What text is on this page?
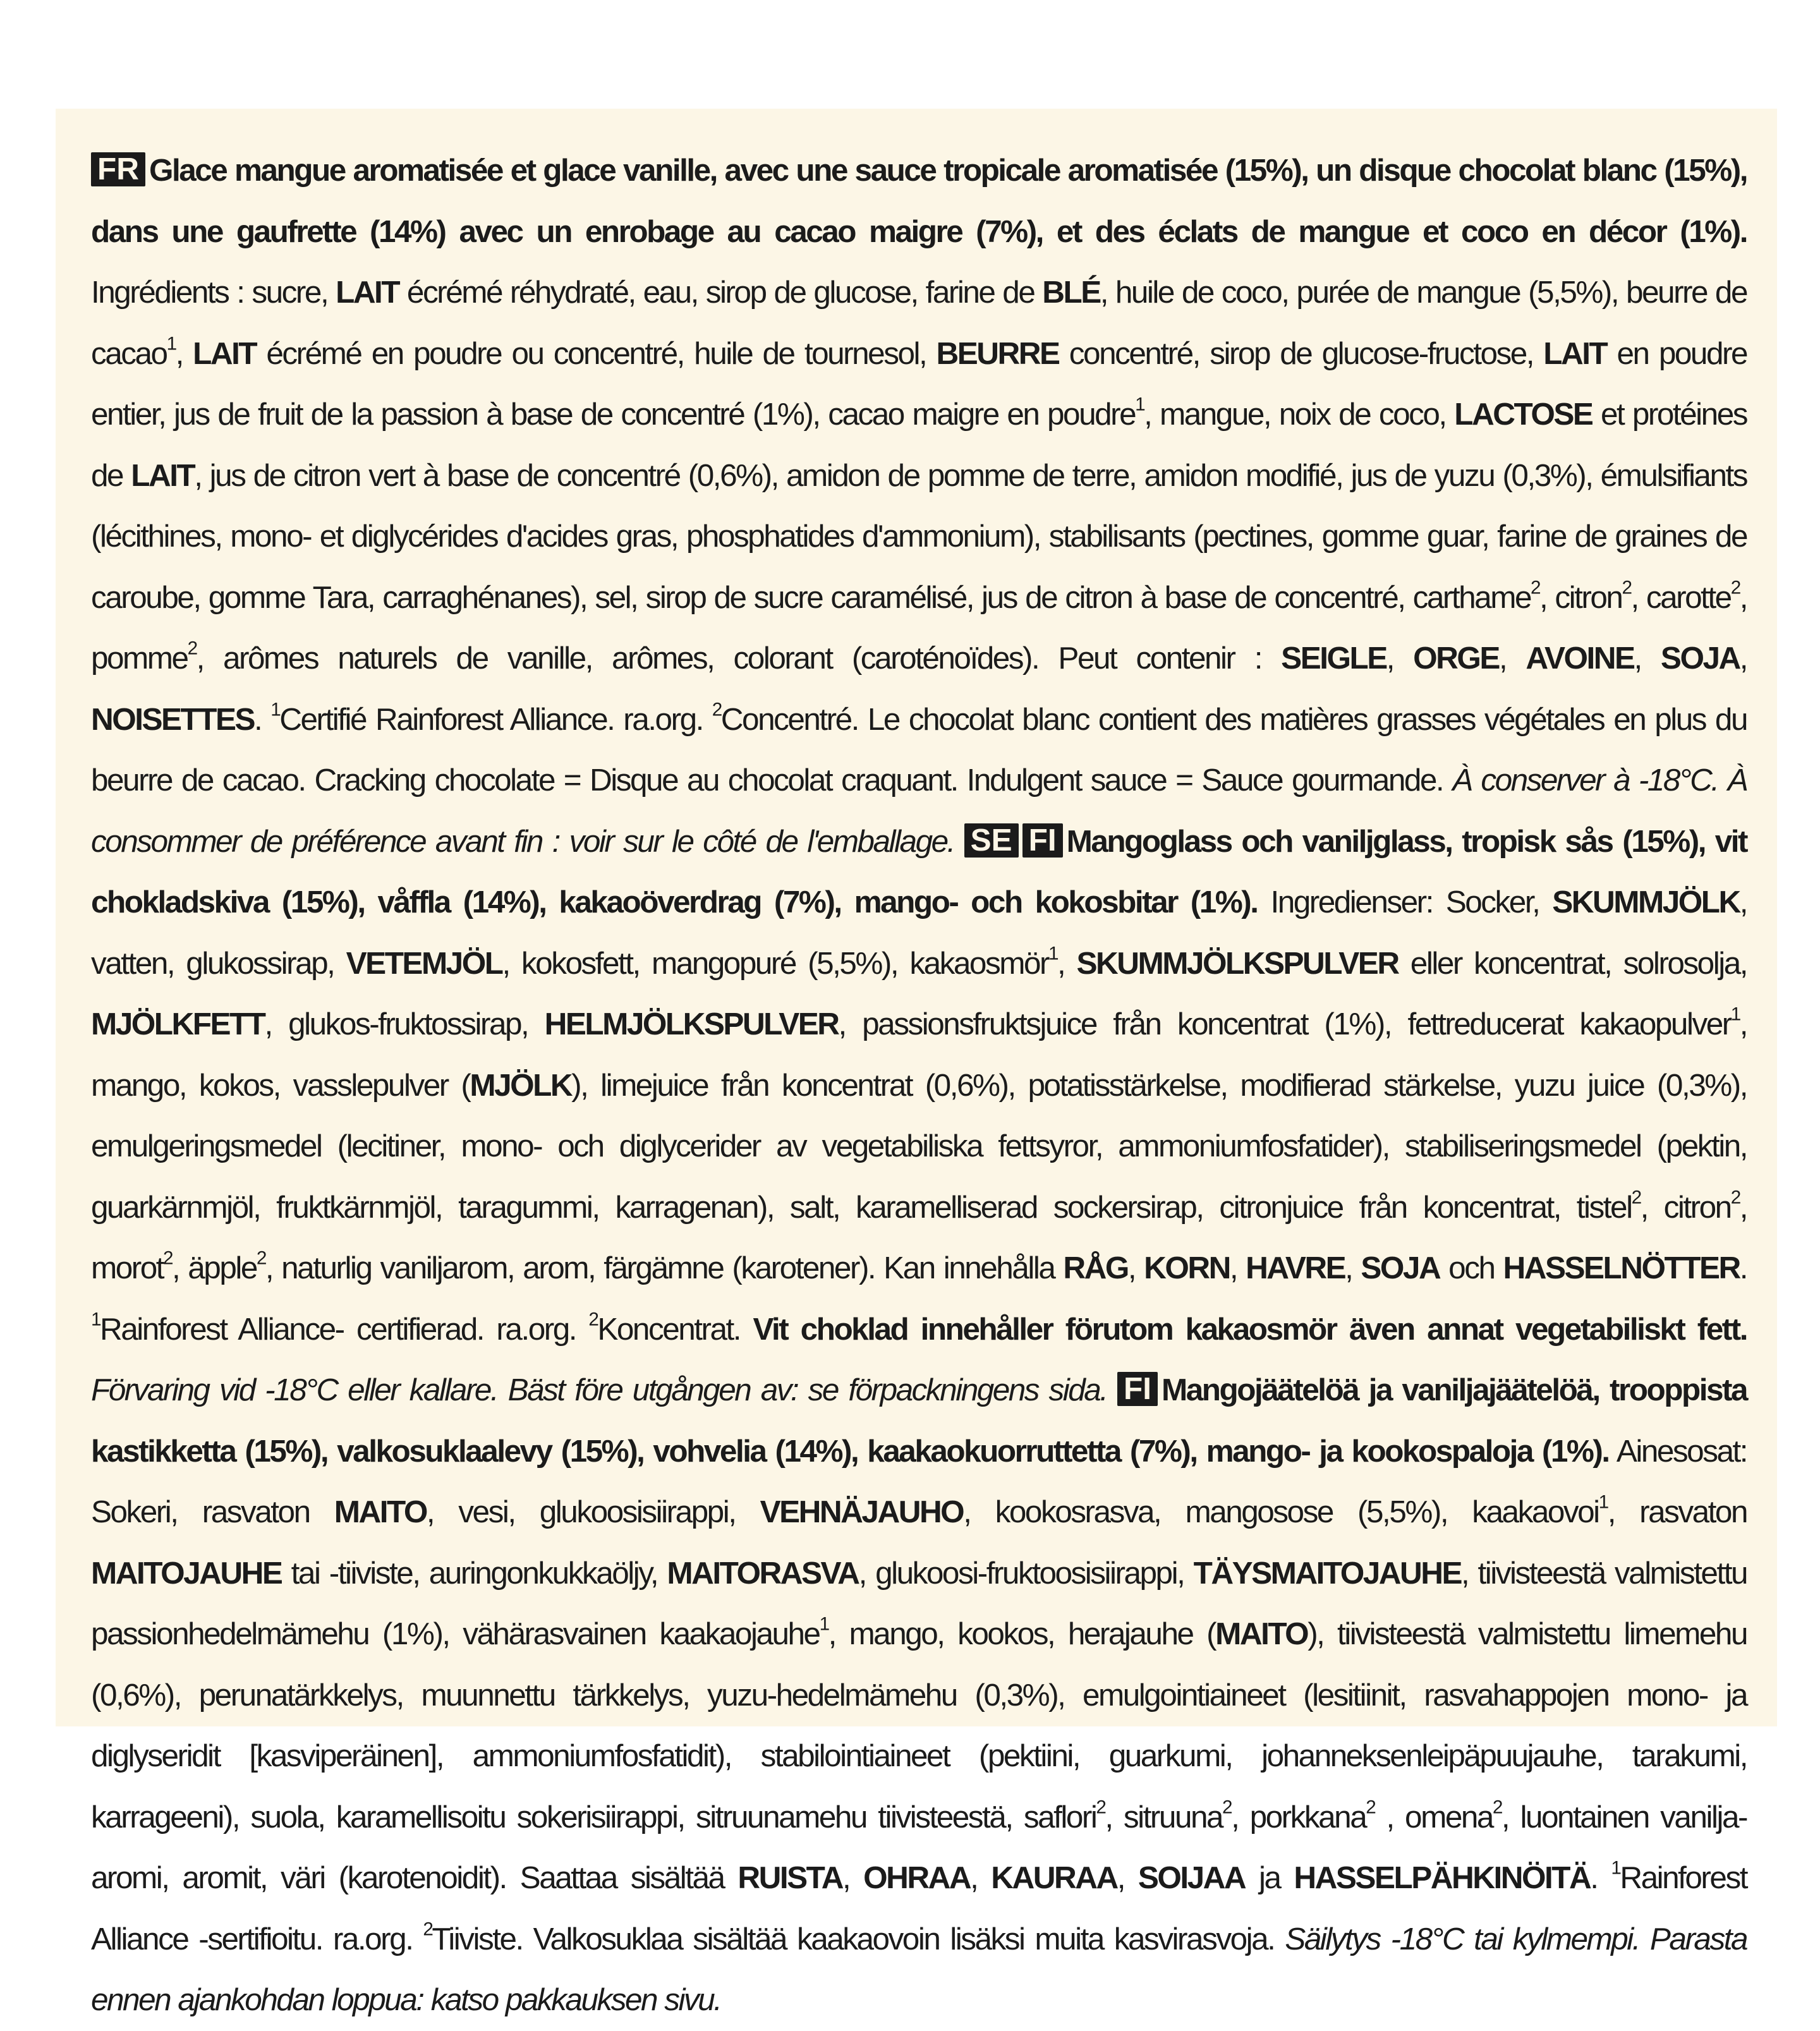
FR Glace mangue aromatisée et glace vanille, avec une sauce tropicale aromatisée (15%), un disque chocolat blanc (15%), dans une gaufrette (14%) avec un enrobage au cacao maigre (7%), et des éclats de mangue et coco en décor (1%). Ingrédients : sucre, LAIT écrémé réhydraté, eau, sirop de glucose, farine de BLÉ, huile de coco, purée de mangue (5,5%), beurre de cacao$^1$, LAIT écrémé en poudre ou concentré, huile de tournesol, BEURRE concentré, sirop de glucose-fructose, LAIT en poudre entier, jus de fruit de la passion à base de concentré (1%), cacao maigre en poudre$^1$, mangue, noix de coco, LACTOSE et protéines de LAIT, jus de citron vert à base de concentré (0,6%), amidon de pomme de terre, amidon modifié, jus de yuzu (0,3%), émulsifiants (lécithines, mono- et diglycérides d'acides gras, phosphatides d'ammonium), stabilisants (pectines, gomme guar, farine de graines de caroube, gomme Tara, carraghénanes), sel, sirop de sucre caramélisé, jus de citron à base de concentré, carthame$^2$, citron$^2$, carotte$^2$, pomme$^2$, arômes naturels de vanille, arômes, colorant (caroténoïdes). Peut contenir : SEIGLE, ORGE, AVOINE, SOJA, NOISETTES. $^1$Certifié Rainforest Alliance. ra.org. $^2$Concentré. Le chocolat blanc contient des matières grasses végétales en plus du beurre de cacao. Cracking chocolate = Disque au chocolat craquant. Indulgent sauce = Sauce gourmande. À conserver à -18°C. À consommer de préférence avant fin : voir sur le côté de l'emballage. SE FI Mangoglass och vaniljglass, tropisk sås (15%), vit chokladskiva (15%), våffla (14%), kakaoöverdrag (7%), mango- och kokosbitar (1%). Ingredienser: Socker, SKUMMJÖLK, vatten, glukossirap, VETEMJÖL, kokosfett, mangopuré (5,5%), kakaosmör$^1$, SKUMMJÖLKSPULVER eller koncentrat, solrosolja, MJÖLKFETT, glukos-fruktossirap, HELMJÖLKSPULVER, passionsfruktsjuice från koncentrat (1%), fettreducerat kakaopulver$^1$, mango, kokos, vasslepulver (MJÖLK), limejuice från koncentrat (0,6%), potatisstärkelse, modifierad stärkelse, yuzu juice (0,3%), emulgeringsmedel (lecitiner, mono- och diglycerider av vegetabiliska fettsyror, ammoniumfosfatider), stabiliseringsmedel (pektin, guarkärnmjöl, fruktkärnmjöl, taragummi, karragenan), salt, karamelliserad sockersirap, citronjuice från koncentrat, tistel$^2$, citron$^2$, morot$^2$, äpple$^2$, naturlig vaniljarom, arom, färgämne (karotener). Kan innehålla RÅG, KORN, HAVRE, SOJA och HASSELNÖTTER. $^1$Rainforest Alliance- certifierad. ra.org. $^2$Koncentrat. Vit choklad innehåller förutom kakaosmör även annat vegetabiliskt fett. Förvaring vid -18°C eller kallare. Bäst före utgången av: se förpackningens sida. FI Mangojäätelöä ja vaniljajäätelöä, trooppista kastikketta (15%), valkosuklaalevy (15%), vohvelia (14%), kaakaokuorruttetta (7%), mango- ja kookospaloja (1%). Ainesosat: Sokeri, rasvaton MAITO, vesi, glukoosisiirappi, VEHNÄJAUHO, kookosrasva, mangosose (5,5%), kaakaovoi$^1$, rasvaton MAITOJAUHE tai -tiiviste, auringonkukkaöljy, MAITORASVA, glukoosi-fruktoosisiirappi, TÄYSMAITOJAUHE, tiivisteestä valmistettu passionhedelmämehu (1%), vähärasvainen kaakaojauhe$^1$, mango, kookos, herajauhe (MAITO), tiivisteestä valmistettu limemehu (0,6%), perunatärkkelys, muunnettu tärkkelys, yuzu-hedelmämehu (0,3%), emulgointiaineet (lesitiinit, rasvahappojen mono- ja diglyseridit [kasviperäinen], ammoniumfosfatidit), stabilointiaineet (pektiini, guarkumi, johanneksenleipäpuujauhe, tarakumi, karrageeni), suola, karamellisoitu sokerisiirappi, sitruunamehu tiivisteestä, saflori$^2$, sitruuna$^2$, porkkana$^2$ , omena$^2$, luontainen vanilja-aromi, aromit, väri (karotenoidit). Saattaa sisältää RUISTA, OHRAA, KAURAA, SOIJAA ja HASSELPÄHKINÖITÄ. $^1$Rainforest Alliance -sertifioitu. ra.org. $^2$Tiiviste. Valkosuklaa sisältää kaakaovoin lisäksi muita kasvirasvoja. Säilytys -18°C tai kylmempi. Parasta ennen ajankohdan loppua: katso pakkauksen sivu.
